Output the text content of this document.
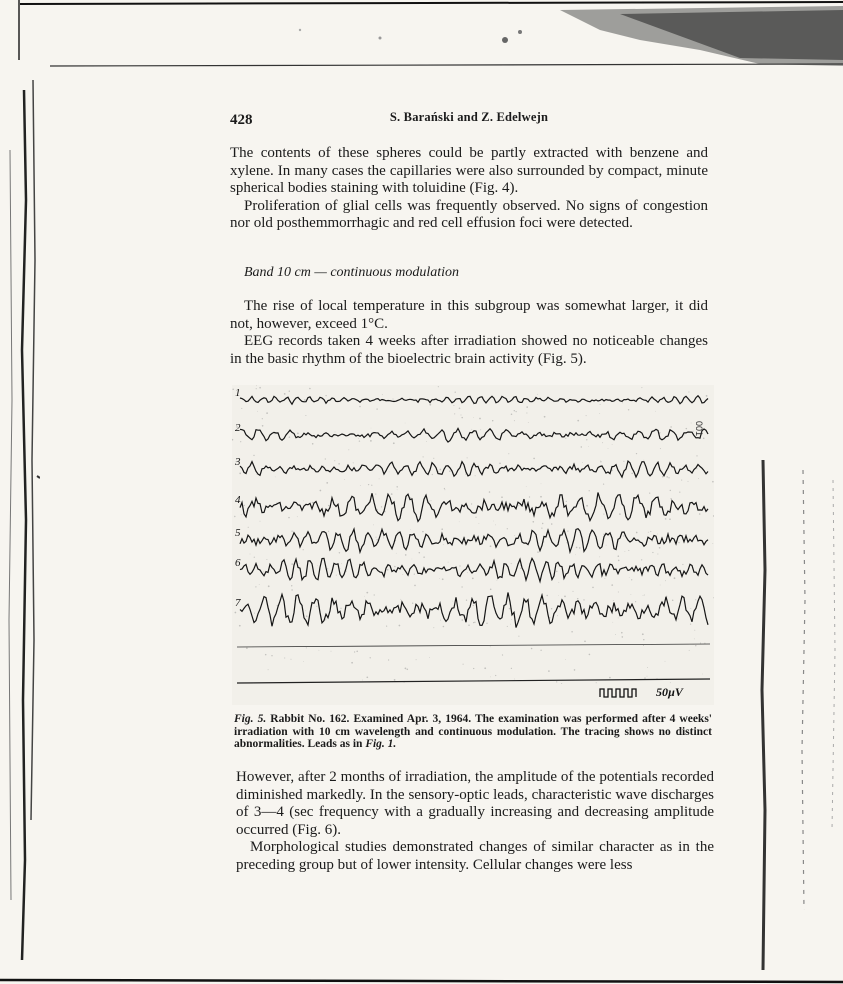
428	S. Barański and Z. Edelwejn

The contents of these spheres could be partly extracted with benzene and xylene. In many cases the capillaries were also surrounded by compact, minute spherical bodies staining with toluidine (Fig. 4).

Proliferation of glial cells was frequently observed. No signs of congestion nor old posthemmorrhagic and red cell effusion foci were detected.

Band 10 cm — continuous modulation

The rise of local temperature in this subgroup was somewhat larger, it did not, however, exceed 1°C.

EEG records taken 4 weeks after irradiation showed no noticeable changes in the basic rhythm of the bioelectric brain activity (Fig. 5).

1
2
3
4
5
6
7
50µV
001
Fig. 5. Rabbit No. 162. Examined Apr. 3, 1964. The examination was performed after 4 weeks' irradiation with 10 cm wavelength and continuous modulation. The tracing shows no distinct abnormalities. Leads as in Fig. 1.

However, after 2 months of irradiation, the amplitude of the potentials recorded diminished markedly. In the sensory-optic leads, characteristic wave discharges of 3—4 (sec frequency with a gradually increasing and decreasing amplitude occurred (Fig. 6).

Morphological studies demonstrated changes of similar character as in the preceding group but of lower intensity. Cellular changes were less
